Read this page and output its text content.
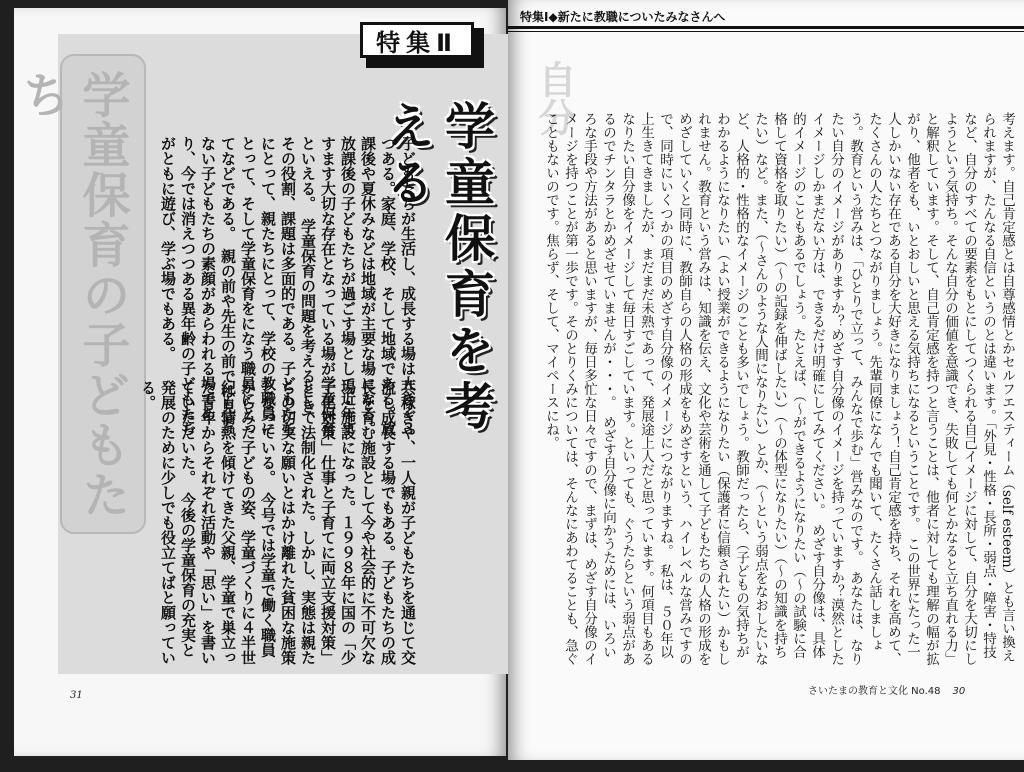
学童保育の子どもたち
特集Ⅱ
学童保育を考える
子どもたちが生活し、成長する場は大きく３つある。家庭、学校、そして地域である。放課後や夏休みなどは地域が主要な場になる。放課後の子どもたちが過ごす場として近年ますます大切な存在となっている場が学童保育といえる。　学童保育の問題を考えるとき、その役割、課題は多面的である。子どもたちにとって、親たちにとって、学校の教職員にとって、そして学童保育をになう職員にとってなどである。　親の前や先生の前では見せない子どもたちの素顔があらわれる場であり、今では消えつつある異年齢の子どもたちがともに遊び、学ぶ場でもある。
共稼ぎや、一人親が子どもたちを通じて交流し成長する場でもある。子どもたちの成長を育む施設として今や社会的に不可欠な場・施設になった。１９９８年に国の「少子化対策」仕事と子育てに両立支援対策」として法制化された。しかし、実態は親たちの切実な願いとはかけ離れた貧困な施策となっている。　今号では学童で働く職員からみた子どもの姿、学童づくりに４半世紀も情熱を傾けてきた父親、学童で巣立った青年からそれぞれ活動や「思い」を書いていただいた。　今後の学童保育の充実と発展のために少しでも役立てばと願っている。
31
特集Ⅰ◆新たに教職についたみなさんへ
自分
考えます。自己肯定感とは自尊感情とかセルフエスティーム（self esteem）とも言い換えられますが、たんなる自信というのとは違います。「外見・性格・長所・弱点・障害・特技など、自分のすべての要素をもとにしてつくられる自己イメージに対して、自分を大切にしようという気持ち。そんな自分の価値を意識でき、失敗しても何とかなると立ち直れる力」と解釈しています。そして、自己肯定感を持つと言うことは、他者に対しても理解の幅が拡がり、他者をも、いとおしいと思える気持ちになるということです。　この世界にたった一人しかいない存在である自分を大好きになりましょう！自己肯定感を持ち、それを高めて、たくさんの人たちとつながりましょう。先輩同僚になんでも聞いて、たくさん話しましょう。教育という営みは、「ひとりで立って、みんなで歩む」営みなのです。　あなたは、なりたい自分のイメージがありますか？めざす自分像のイメージを持っていますか？漠然としたイメージしかまだない方は、できるだけ明確にしてみてください。　めざす自分像は、具体的イメージのこともあるでしょう。たとえば、（～ができるようになりたい（～の試験に合格して資格を取りたい）（～の記録を伸ばしたい）（～の体型になりたい）（～の知識を持ちたい）など。また、（～さんのような人間になりたい）とか、（～という弱点をなおしたいなど、人格的・性格的なイメージのことも多いでしょう。教師だったら、（子どもの気持ちがわかるようになりたい（よい授業ができるようになりたい（保護者に信頼されたい）かもしれません。教育という営みは、知識を伝え、文化や芸術を通して子どもたちの人格の形成をめざしていくと同時に、教師自らの人格の形成をもめざすという、ハイレベルな営みですので、同時にいくつかの項目のめざす自分像のイメージにつながりますね。　私は、５０年以上生きてきましたが、まだまだ未熟であって、発展途上人だと思っています。何項目もあるなりたい自分像をイメージして毎日すごしています。といっても、ぐうたらという弱点があるのでチンタラとかめざせていませんが・・・。　めざす自分像に向かうためには、いろいろな手段や方法があると思いますが、毎日多忙な日々ですので、まずは、めざす自分像のイメージを持つことが第一歩です。そのとりくみについては、そんなにあわてることも、急ぐこともないのです。焦らず、そして、マイペースにね。
さいたまの教育と文化 No.48 30
